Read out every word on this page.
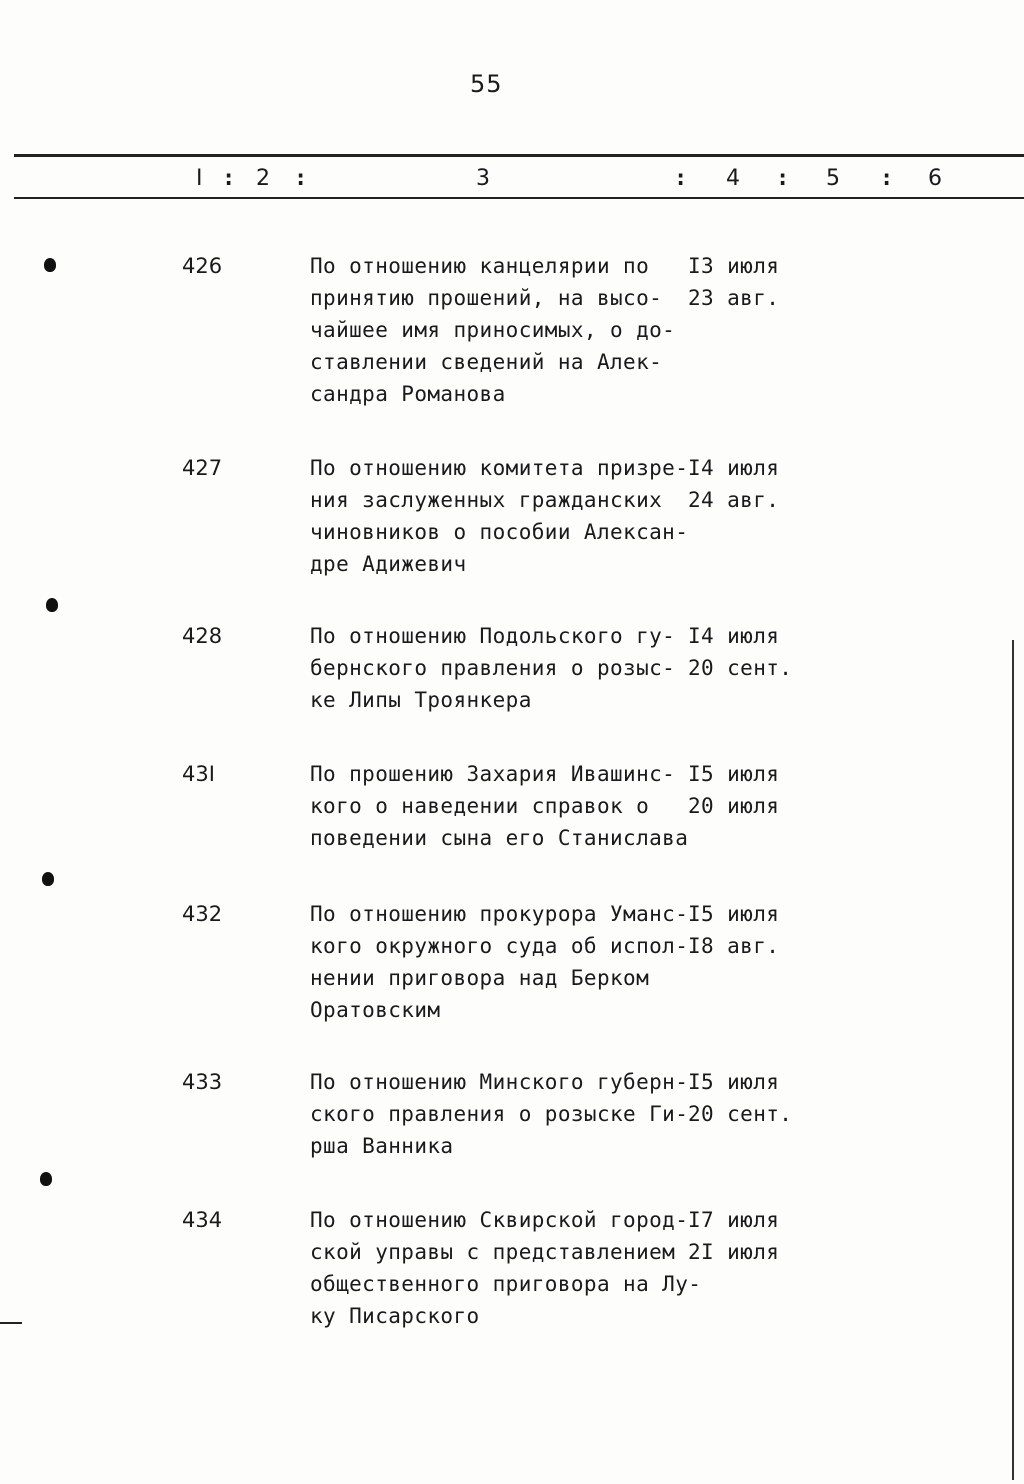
55
I : 2 :	3	: 4 : 5 : 6
426	По отношению канцелярии по
принятию прошений, на высо-
чайшее имя приносимых, о до-
ставлении сведений на Алек-
сандра Романова
I3 июля
23 авг.
427	По отношению комитета призре-
ния заслуженных гражданских
чиновников о пособии Алексан-
дре Адижевич
I4 июля
24 авг.
428	По отношению Подольского гу-
бернского правления о розыс-
ке Липы Троянкера
I4 июля
20 сент.
43I	По прошению Захария Ивашинс-
кого о наведении справок о
поведении сына его Станислава
I5 июля
20 июля
432	По отношению прокурора Уманс-
кого окружного суда об испол-
нении приговора над Берком
Оратовским
I5 июля
I8 авг.
433	По отношению Минского губерн-
ского правления о розыске Ги-
рша Ванника
I5 июля
20 сент.
434	По отношению Сквирской город-
ской управы с представлением
общественного приговора на Лу-
ку Писарского
I7 июля
2I июля
